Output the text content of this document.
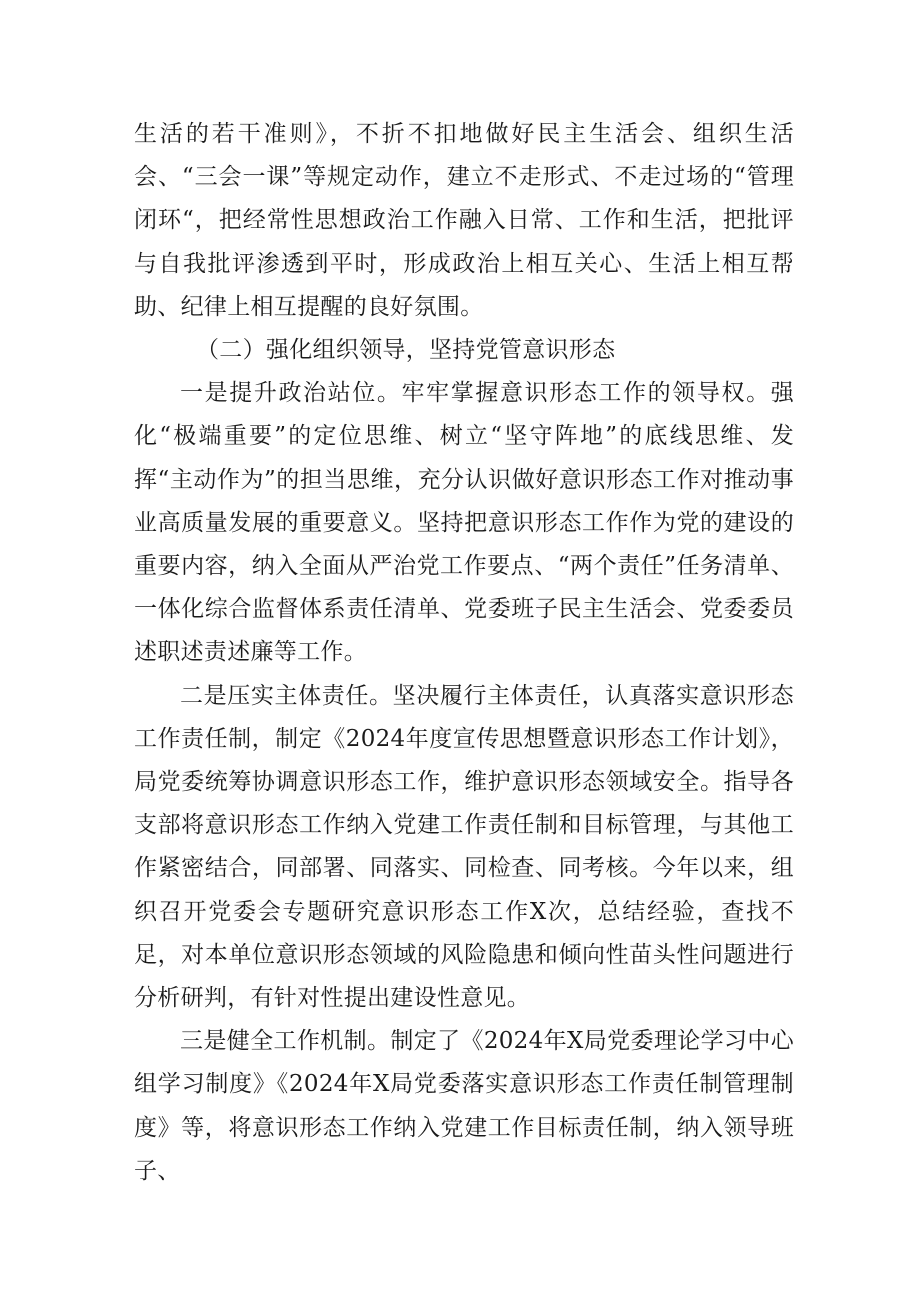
生活的若干准则》，不折不扣地做好民主生活会、组织生活会、“三会一课”等规定动作，建立不走形式、不走过场的“管理闭环“，把经常性思想政治工作融入日常、工作和生活，把批评与自我批评渗透到平时，形成政治上相互关心、生活上相互帮助、纪律上相互提醒的良好氛围。

（二）强化组织领导，坚持党管意识形态

一是提升政治站位。牢牢掌握意识形态工作的领导权。强化“极端重要”的定位思维、树立“坚守阵地”的底线思维、发挥“主动作为”的担当思维，充分认识做好意识形态工作对推动事业高质量发展的重要意义。坚持把意识形态工作作为党的建设的重要内容，纳入全面从严治党工作要点、“两个责任”任务清单、一体化综合监督体系责任清单、党委班子民主生活会、党委委员述职述责述廉等工作。

二是压实主体责任。坚决履行主体责任，认真落实意识形态工作责任制，制定《2024年度宣传思想暨意识形态工作计划》，局党委统筹协调意识形态工作，维护意识形态领域安全。指导各支部将意识形态工作纳入党建工作责任制和目标管理，与其他工作紧密结合，同部署、同落实、同检查、同考核。今年以来，组织召开党委会专题研究意识形态工作X次，总结经验，查找不足，对本单位意识形态领域的风险隐患和倾向性苗头性问题进行分析研判，有针对性提出建设性意见。

三是健全工作机制。制定了《2024年X局党委理论学习中心组学习制度》《2024年X局党委落实意识形态工作责任制管理制度》等，将意识形态工作纳入党建工作目标责任制，纳入领导班子、
